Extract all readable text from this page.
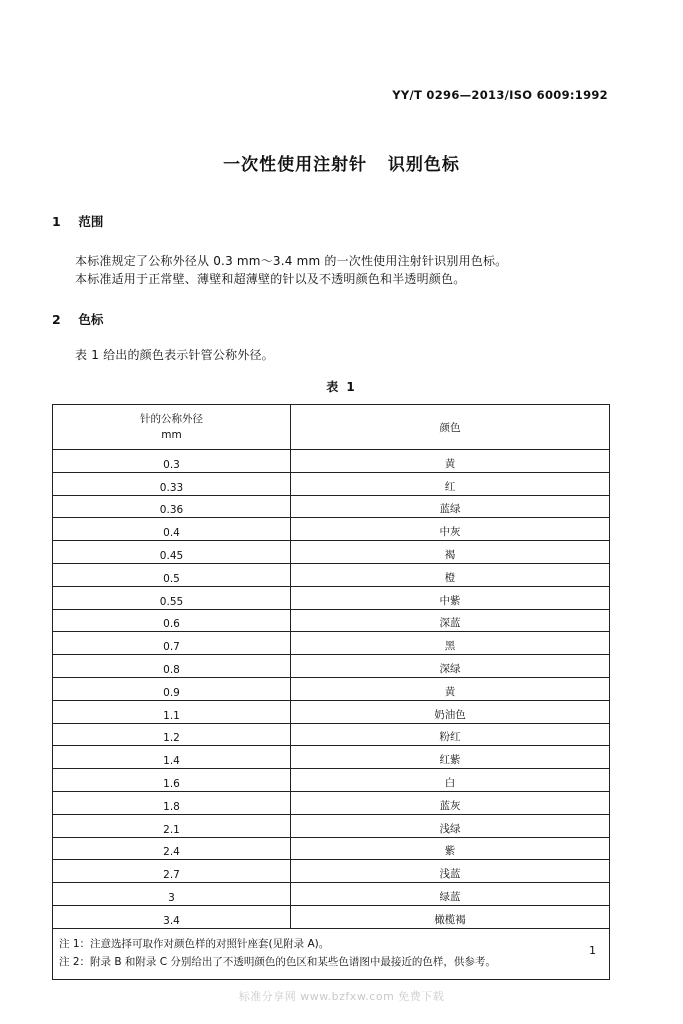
YY/T 0296—2013/ISO 6009:1992
一次性使用注射针   识别色标
1 范围
本标准规定了公称外径从 0.3 mm～3.4 mm 的一次性使用注射针识别用色标。
本标准适用于正常壁、薄壁和超薄壁的针以及不透明颜色和半透明颜色。
2 色标
表 1 给出的颜色表示针管公称外径。
表 1
针的公称外径
mm	颜色
0.3	黄
0.33	红
0.36	蓝绿
0.4	中灰
0.45	褐
0.5	橙
0.55	中紫
0.6	深蓝
0.7	黑
0.8	深绿
0.9	黄
1.1	奶油色
1.2	粉红
1.4	红紫
1.6	白
1.8	蓝灰
2.1	浅绿
2.4	紫
2.7	浅蓝
3	绿蓝
3.4	橄榄褐

注 1：注意选择可取作对颜色样的对照针座套(见附录 A)。
注 2：附录 B 和附录 C 分别给出了不透明颜色的色区和某些色谱图中最接近的色样，供参考。	
1
标准分享网 www.bzfxw.com 免费下载
